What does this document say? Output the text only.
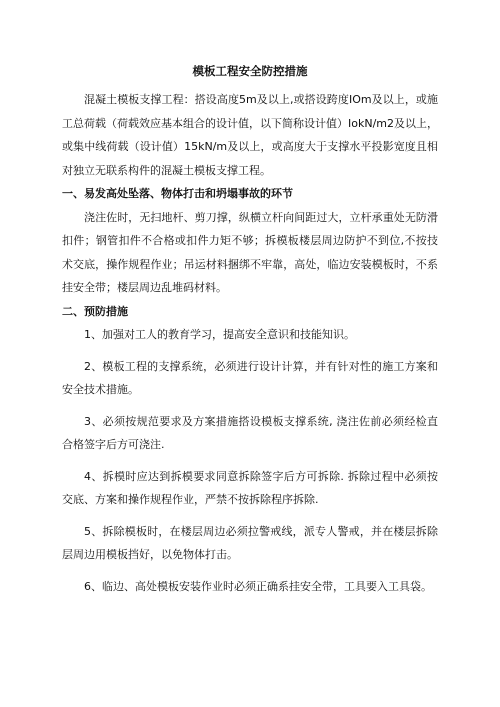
模板工程安全防控措施

混凝土模板支撑工程：搭设高度5m及以上,或搭设跨度IOm及以上，或施工总荷载（荷载效应基本组合的设计值，以下简称设计值）IokN/m2及以上，或集中线荷载（设计值）15kN/m及以上，或高度大于支撑水平投影宽度且相对独立无联系构件的混凝土模板支撑工程。

一、易发高处坠落、物体打击和坍塌事故的环节

浇注佐时，无扫地杆、剪刀撑，纵横立杆向间距过大，立杆承重处无防滑扣件；钢管扣件不合格或扣件力矩不够；拆模板楼层周边防护不到位,不按技术交底，操作规程作业；吊运材料捆绑不牢靠，高处，临边安装模板时，不系挂安全带；楼层周边乱堆码材料。

二、预防措施

1、加强对工人的教育学习，提高安全意识和技能知识。

2、模板工程的支撑系统，必须进行设计计算，并有针对性的施工方案和安全技术措施。

3、必须按规范要求及方案措施搭设模板支撑系统, 浇注佐前必须经检直合格签字后方可浇注.

4、拆模时应达到拆模要求同意拆除签字后方可拆除. 拆除过程中必须按交底、方案和操作规程作业，严禁不按拆除程序拆除.

5、拆除模板时，在楼层周边必须拉警戒线，派专人警戒，并在楼层拆除层周边用模板挡好，以免物体打击。

6、临边、高处模板安装作业时必须正确系挂安全带，工具要入工具袋。
